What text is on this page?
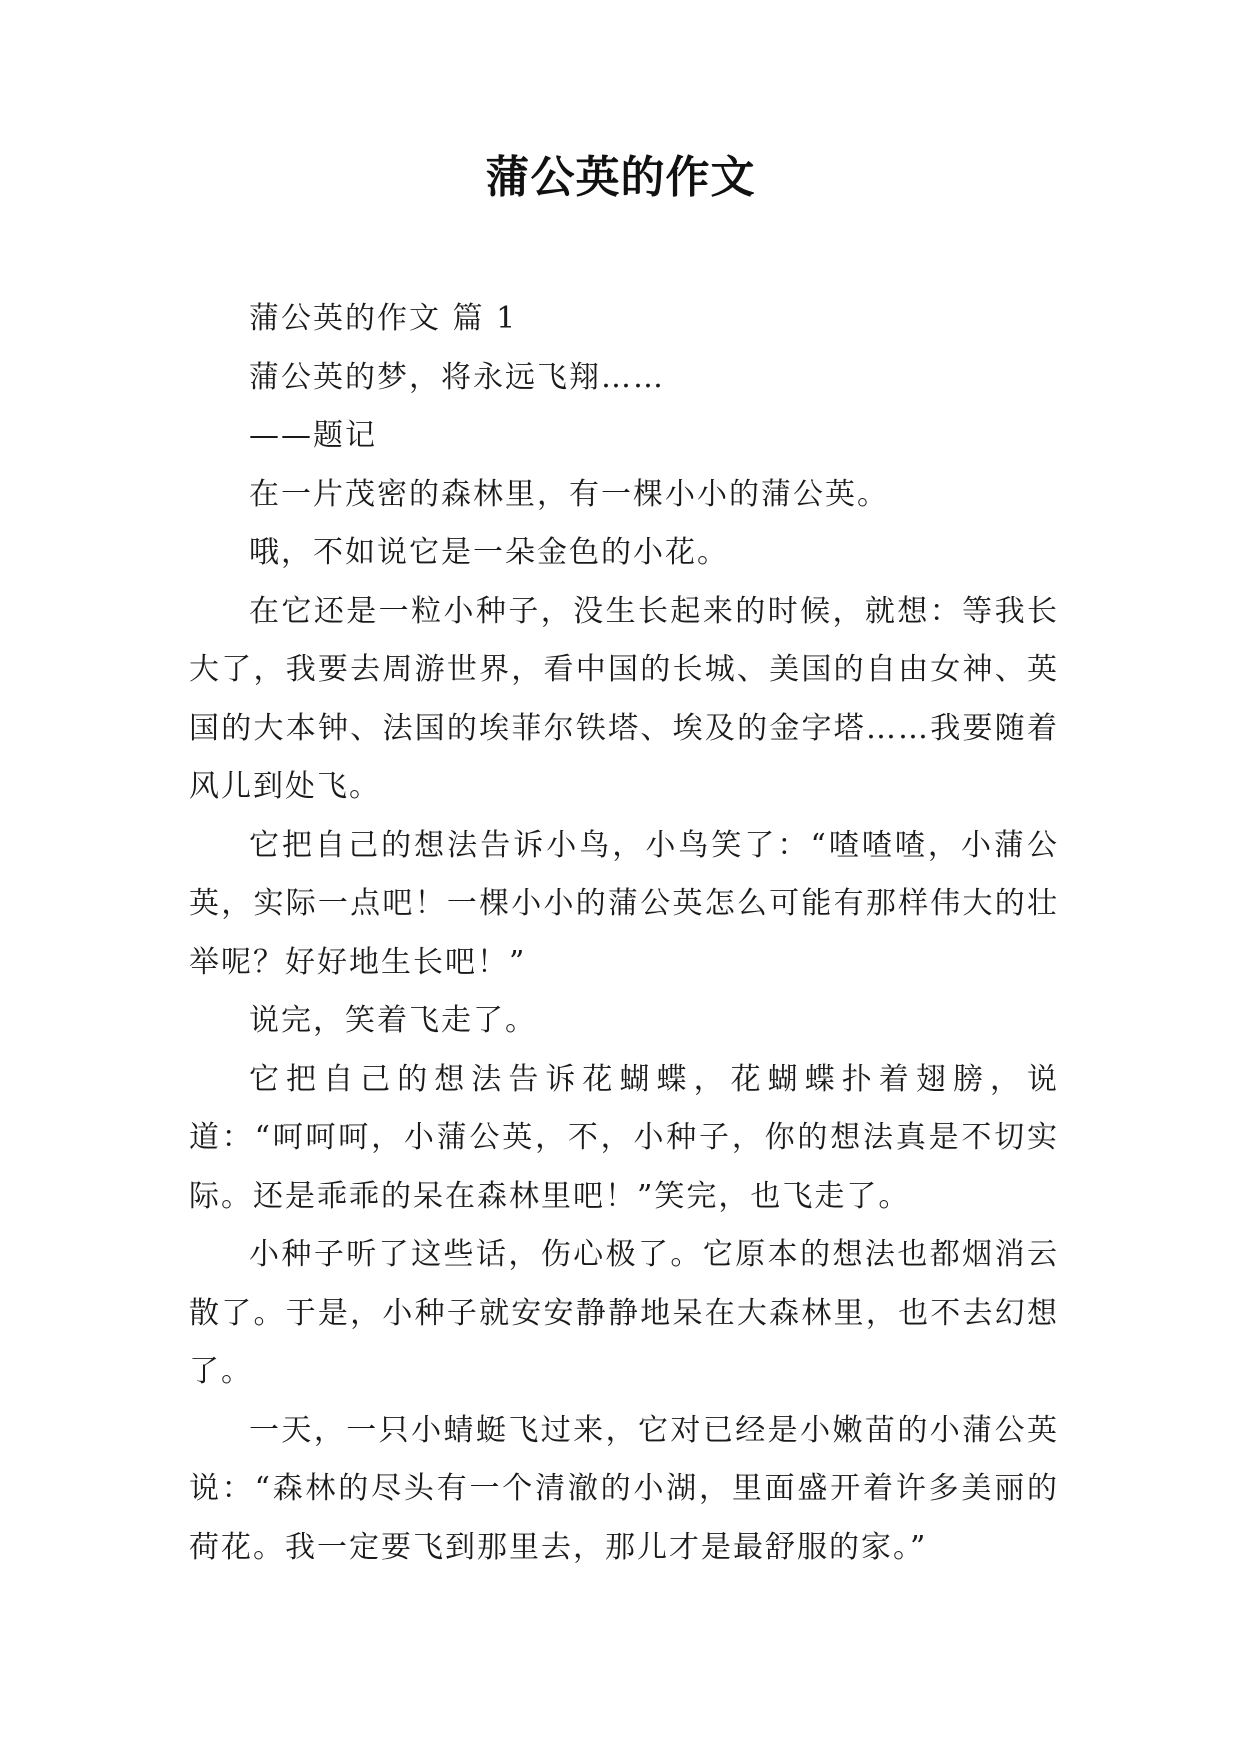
蒲公英的作文

蒲公英的作文 篇 1

蒲公英的梦，将永远飞翔……

——题记

在一片茂密的森林里，有一棵小小的蒲公英。

哦，不如说它是一朵金色的小花。

在它还是一粒小种子，没生长起来的时候，就想：等我长大了，我要去周游世界，看中国的长城、美国的自由女神、英国的大本钟、法国的埃菲尔铁塔、埃及的金字塔……我要随着风儿到处飞。

它把自己的想法告诉小鸟，小鸟笑了：“喳喳喳，小蒲公英，实际一点吧！一棵小小的蒲公英怎么可能有那样伟大的壮举呢？好好地生长吧！”

说完，笑着飞走了。

它把自己的想法告诉花蝴蝶，花蝴蝶扑着翅膀，说道：“呵呵呵，小蒲公英，不，小种子，你的想法真是不切实际。还是乖乖的呆在森林里吧！”笑完，也飞走了。

小种子听了这些话，伤心极了。它原本的想法也都烟消云散了。于是，小种子就安安静静地呆在大森林里，也不去幻想了。

一天，一只小蜻蜓飞过来，它对已经是小嫩苗的小蒲公英说：“森林的尽头有一个清澈的小湖，里面盛开着许多美丽的荷花。我一定要飞到那里去，那儿才是最舒服的家。”
